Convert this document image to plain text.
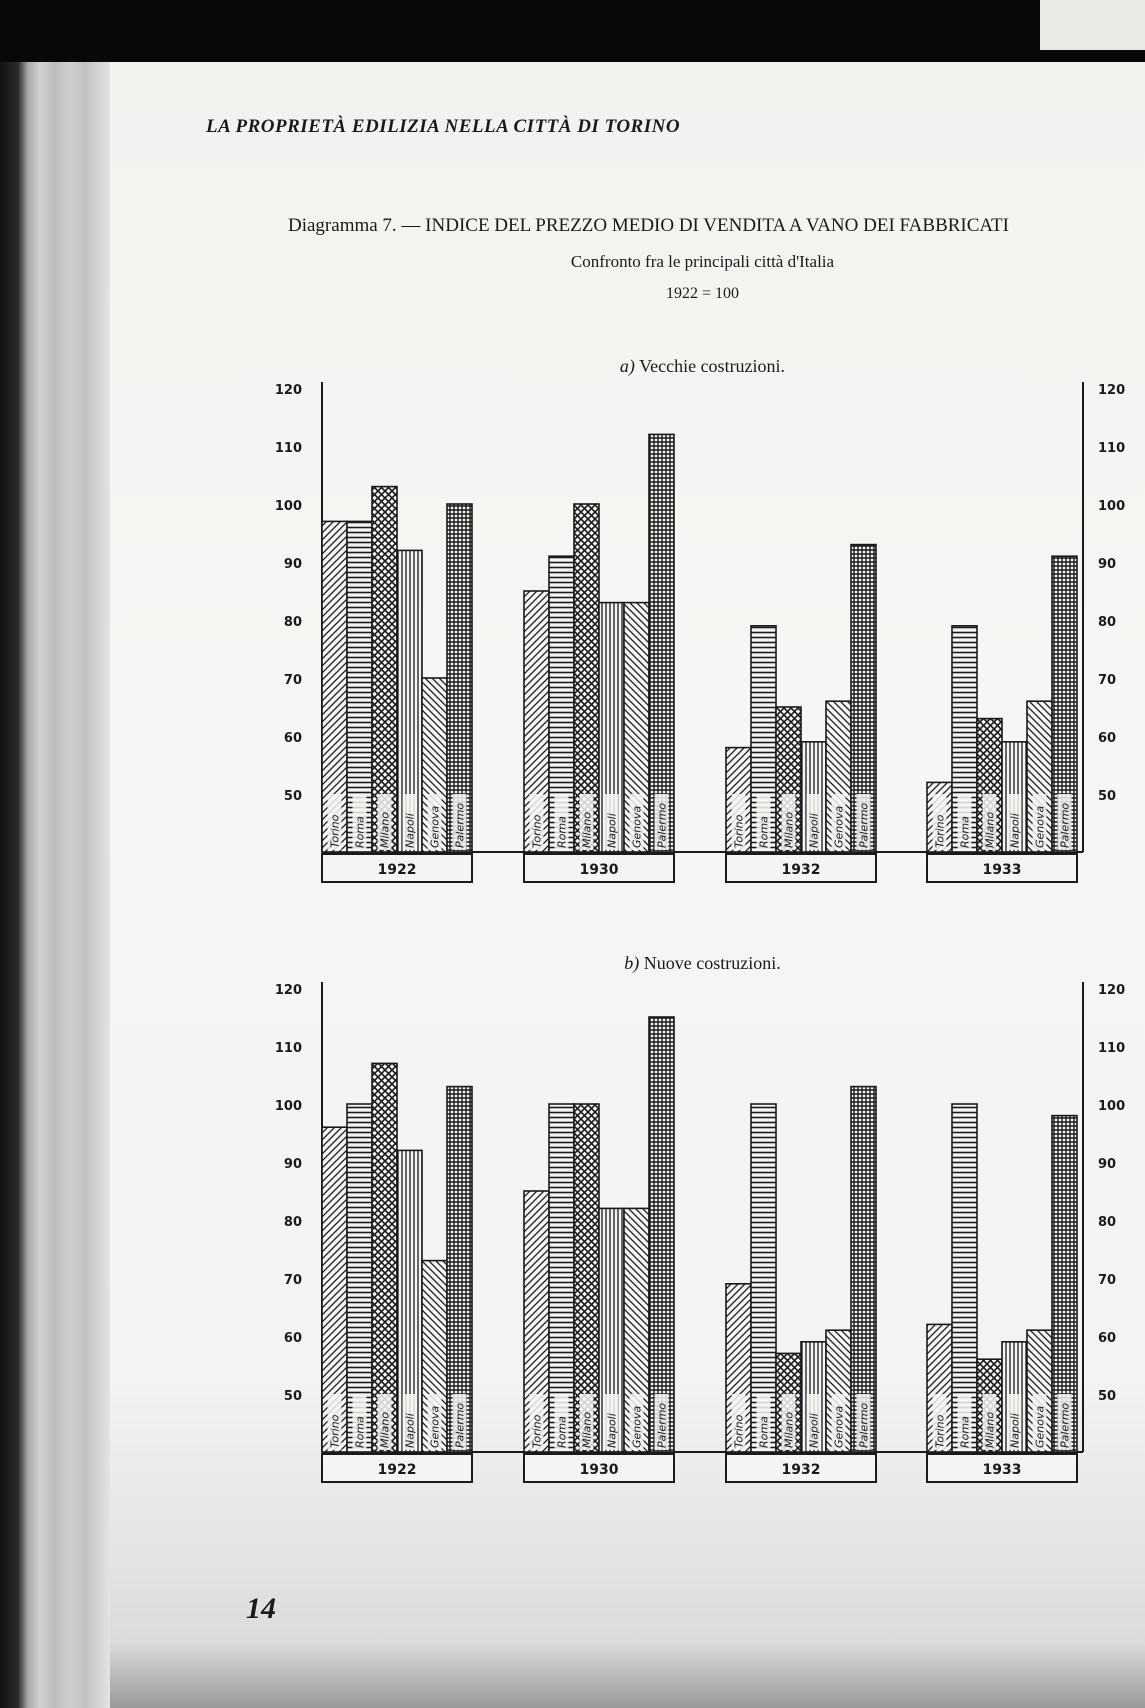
LA PROPRIETÀ EDILIZIA NELLA CITTÀ DI TORINO
Diagramma 7. — INDICE DEL PREZZO MEDIO DI VENDITA A VANO DEI FABBRICATI
Confronto fra le principali città d'Italia
1922 = 100
a) Vecchie costruzioni.
50	50
60	60
70	70
80	80
90	90
100	100
110	110
120	120
Torino Roma Milano Napoli Genova Palermo
1922
Torino Roma Milano Napoli Genova Palermo
1930
Torino Roma Milano Napoli Genova Palermo
1932
Torino Roma Milano Napoli Genova Palermo
1933
b) Nuove costruzioni.
50	50
60	60
70	70
80	80
90	90
100	100
110	110
120	120
Torino Roma Milano Napoli Genova Palermo
1922
Torino Roma Milano Napoli Genova Palermo
1930
Torino Roma Milano Napoli Genova Palermo
1932
Torino Roma Milano Napoli Genova Palermo
1933
14
